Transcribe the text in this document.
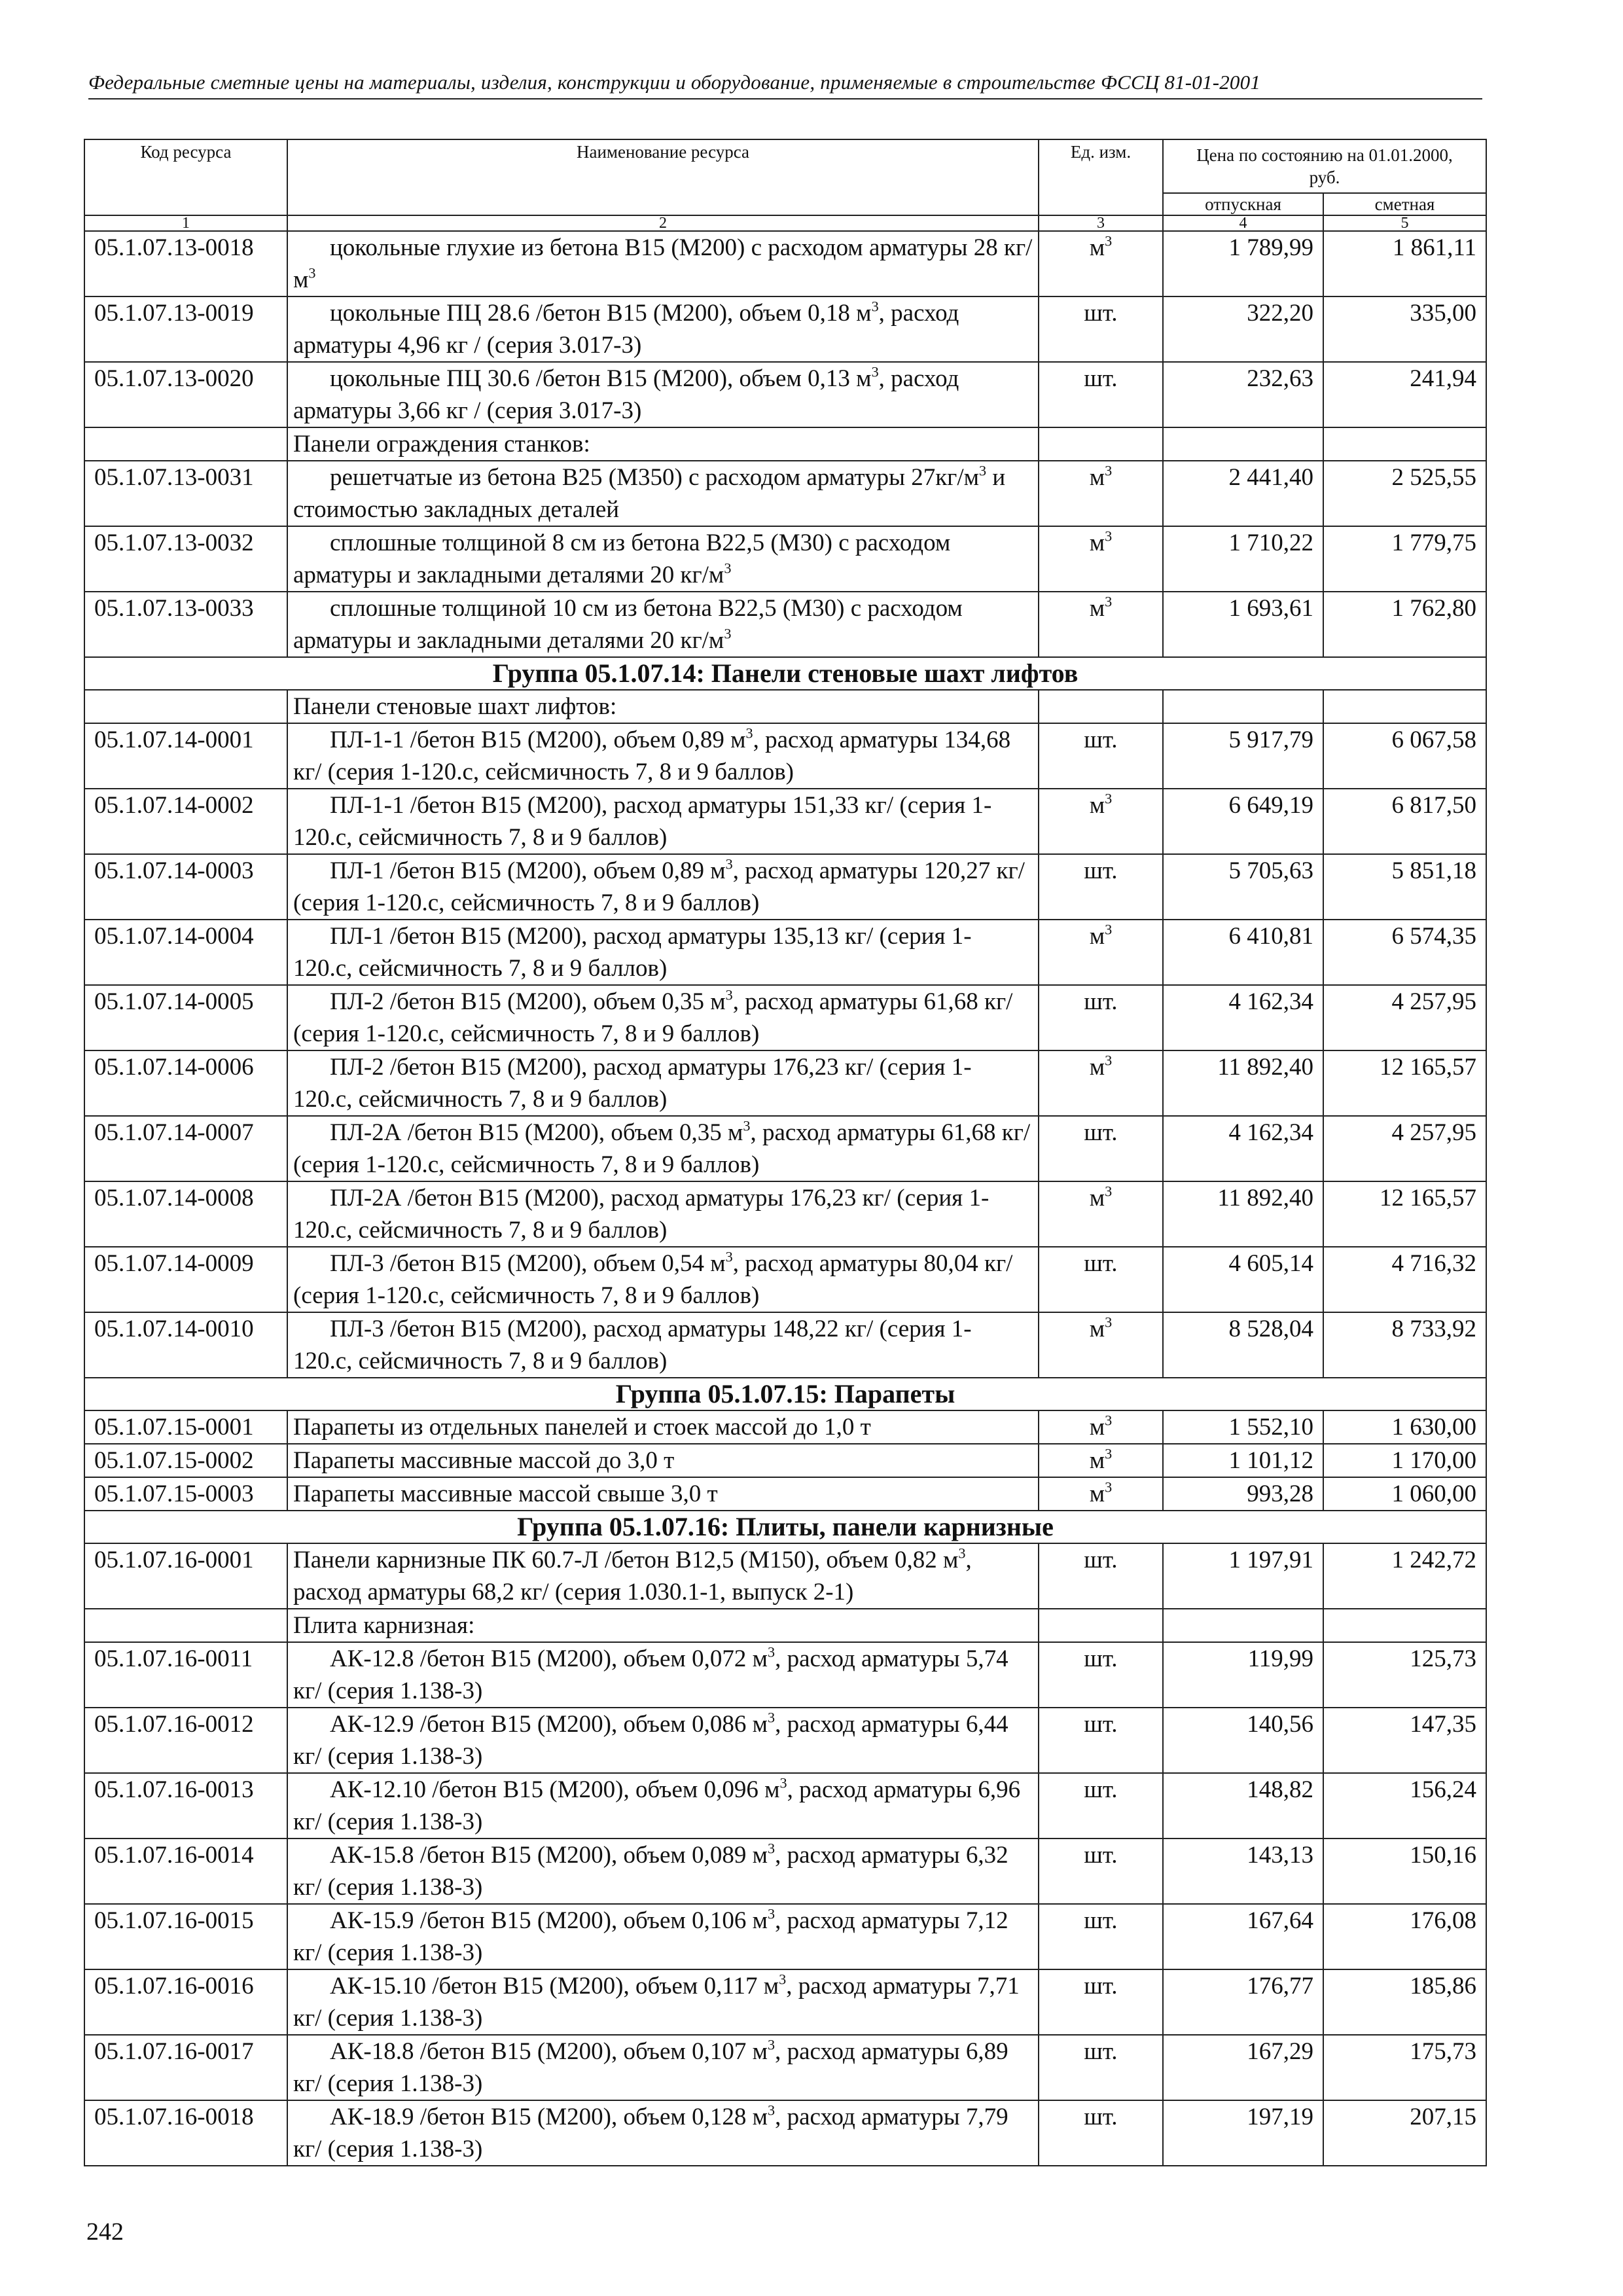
Федеральные сметные цены на материалы, изделия, конструкции и оборудование, применяемые в строительстве ФССЦ 81-01-2001
Код ресурса	Наименование ресурса	Ед. изм.	Цена по состоянию на 01.01.2000, руб.	
			отпускная	сметная
1	2	3	4	5
05.1.07.13-0018	цокольные глухие из бетона В15 (М200) с расходом арматуры 28 $кг/м^3$	$м^3$	1 789,99	1 861,11
05.1.07.13-0019	цокольные ПЦ 28.6 /бетон В15 (М200), объем 0,18 $м^3$, расход арматуры 4,96 кг / (серия 3.017-3)	шт.	322,20	335,00
05.1.07.13-0020	цокольные ПЦ 30.6 /бетон В15 (М200), объем 0,13 $м^3$, расход арматуры 3,66 кг / (серия 3.017-3)	шт.	232,63	241,94

	Панели ограждения станков:			

05.1.07.13-0031	решетчатые из бетона В25 (М350) с расходом арматуры $27кг/м^3$ и стоимостью закладных деталей	$м^3$	2 441,40	2 525,55
05.1.07.13-0032	сплошные толщиной 8 см из бетона В22,5 (М30) с расходом арматуры и закладными деталями 20 $кг/м^3$	$м^3$	1 710,22	1 779,75
05.1.07.13-0033	сплошные толщиной 10 см из бетона В22,5 (М30) с расходом арматуры и закладными деталями 20 $кг/м^3$	$м^3$	1 693,61	1 762,80
Группа 05.1.07.14: Панели стеновые шахт лифтов				

	Панели стеновые шахт лифтов:			

05.1.07.14-0001	ПЛ-1-1 /бетон В15 (М200), объем 0,89 $м^3$, расход арматуры 134,68 кг/ (серия 1-120.с, сейсмичность 7, 8 и 9 баллов)	шт.	5 917,79	6 067,58
05.1.07.14-0002	ПЛ-1-1 /бетон В15 (М200), расход арматуры 151,33 кг/ (серия 1-120.с, сейсмичность 7, 8 и 9 баллов)	$м^3$	6 649,19	6 817,50
05.1.07.14-0003	ПЛ-1 /бетон В15 (М200), объем 0,89 $м^3$, расход арматуры 120,27 кг/ (серия 1-120.с, сейсмичность 7, 8 и 9 баллов)	шт.	5 705,63	5 851,18
05.1.07.14-0004	ПЛ-1 /бетон В15 (М200), расход арматуры 135,13 кг/ (серия 1- 120.с, сейсмичность 7, 8 и 9 баллов)	$м^3$	6 410,81	6 574,35
05.1.07.14-0005	ПЛ-2 /бетон В15 (М200), объем 0,35 $м^3$, расход арматуры 61,68 кг/ (серия 1-120.с, сейсмичность 7, 8 и 9 баллов)	шт.	4 162,34	4 257,95
05.1.07.14-0006	ПЛ-2 /бетон В15 (М200), расход арматуры 176,23 кг/ (серия 1- 120.с, сейсмичность 7, 8 и 9 баллов)	$м^3$	11 892,40	12 165,57
05.1.07.14-0007	ПЛ-2А /бетон В15 (М200), объем 0,35 $м^3$, расход арматуры 61,68 кг/ (серия 1-120.с, сейсмичность 7, 8 и 9 баллов)	шт.	4 162,34	4 257,95
05.1.07.14-0008	ПЛ-2А /бетон В15 (М200), расход арматуры 176,23 кг/ (серия 1-120.с, сейсмичность 7, 8 и 9 баллов)	$м^3$	11 892,40	12 165,57
05.1.07.14-0009	ПЛ-3 /бетон В15 (М200), объем 0,54 $м^3$, расход арматуры 80,04 кг/ (серия 1-120.с, сейсмичность 7, 8 и 9 баллов)	шт.	4 605,14	4 716,32
05.1.07.14-0010	ПЛ-3 /бетон В15 (М200), расход арматуры 148,22 кг/ (серия 1- 120.с, сейсмичность 7, 8 и 9 баллов)	$м^3$	8 528,04	8 733,92
Группа 05.1.07.15: Парапеты				
05.1.07.15-0001	Парапеты из отдельных панелей и стоек массой до 1,0 т	$м^3$	1 552,10	1 630,00
05.1.07.15-0002	Парапеты массивные массой до 3,0 т	$м^3$	1 101,12	1 170,00
05.1.07.15-0003	Парапеты массивные массой свыше 3,0 т	$м^3$	993,28	1 060,00
Группа 05.1.07.16: Плиты, панели карнизные				
05.1.07.16-0001	Панели карнизные ПК 60.7-Л /бетон В12,5 (М150), объем 0,82 $м^3$, расход арматуры 68,2 кг/ (серия 1.030.1-1, выпуск 2-1)	шт.	1 197,91	1 242,72

	Плита карнизная:			

05.1.07.16-0011	АК-12.8 /бетон В15 (М200), объем 0,072 $м^3$, расход арматуры 5,74 кг/ (серия 1.138-3)	шт.	119,99	125,73
05.1.07.16-0012	АК-12.9 /бетон В15 (М200), объем 0,086 $м^3$, расход арматуры 6,44 кг/ (серия 1.138-3)	шт.	140,56	147,35
05.1.07.16-0013	АК-12.10 /бетон В15 (М200), объем 0,096 $м^3$, расход арматуры 6,96 кг/ (серия 1.138-3)	шт.	148,82	156,24
05.1.07.16-0014	АК-15.8 /бетон В15 (М200), объем 0,089 $м^3$, расход арматуры 6,32 кг/ (серия 1.138-3)	шт.	143,13	150,16
05.1.07.16-0015	АК-15.9 /бетон В15 (М200), объем 0,106 $м^3$, расход арматуры 7,12 кг/ (серия 1.138-3)	шт.	167,64	176,08
05.1.07.16-0016	АК-15.10 /бетон В15 (М200), объем 0,117 $м^3$, расход арматуры 7,71 кг/ (серия 1.138-3)	шт.	176,77	185,86
05.1.07.16-0017	АК-18.8 /бетон В15 (М200), объем 0,107 $м^3$, расход арматуры 6,89 кг/ (серия 1.138-3)	шт.	167,29	175,73
05.1.07.16-0018	АК-18.9 /бетон В15 (М200), объем 0,128 $м^3$, расход арматуры 7,79 кг/ (серия 1.138-3)	шт.	197,19	207,15
242
